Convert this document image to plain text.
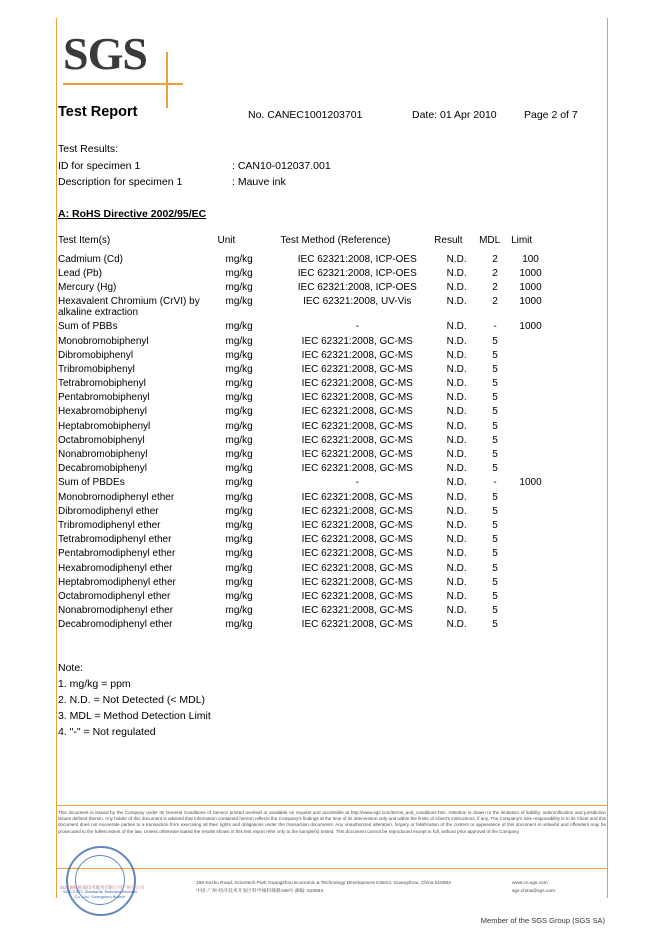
SGS
Test Report	No. CANEC1001203701	Date: 01 Apr 2010	Page 2 of 7
Test Results:
ID for specimen 1	: CAN10-012037.001
Description for specimen 1	: Mauve ink
A: RoHS Directive 2002/95/EC
Test Item(s)	Unit	Test Method (Reference)	Result	MDL	Limit
Cadmium (Cd)	mg/kg	IEC 62321:2008, ICP-OES	N.D.	2	100
Lead (Pb)	mg/kg	IEC 62321:2008, ICP-OES	N.D.	2	1000
Mercury (Hg)	mg/kg	IEC 62321:2008, ICP-OES	N.D.	2	1000
Hexavalent Chromium (CrVI) by alkaline extraction	mg/kg	IEC 62321:2008, UV-Vis	N.D.	2	1000
Sum of PBBs	mg/kg	-	N.D.	-	1000
Monobromobiphenyl	mg/kg	IEC 62321:2008, GC-MS	N.D.	5	
Dibromobiphenyl	mg/kg	IEC 62321:2008, GC-MS	N.D.	5	
Tribromobiphenyl	mg/kg	IEC 62321:2008, GC-MS	N.D.	5	
Tetrabromobiphenyl	mg/kg	IEC 62321:2008, GC-MS	N.D.	5	
Pentabromobiphenyl	mg/kg	IEC 62321:2008, GC-MS	N.D.	5	
Hexabromobiphenyl	mg/kg	IEC 62321:2008, GC-MS	N.D.	5	
Heptabromobiphenyl	mg/kg	IEC 62321:2008, GC-MS	N.D.	5	
Octabromobiphenyl	mg/kg	IEC 62321:2008, GC-MS	N.D.	5	
Nonabromobiphenyl	mg/kg	IEC 62321:2008, GC-MS	N.D.	5	
Decabromobiphenyl	mg/kg	IEC 62321:2008, GC-MS	N.D.	5	
Sum of PBDEs	mg/kg	-	N.D.	-	1000
Monobromodiphenyl ether	mg/kg	IEC 62321:2008, GC-MS	N.D.	5	
Dibromodiphenyl ether	mg/kg	IEC 62321:2008, GC-MS	N.D.	5	
Tribromodiphenyl ether	mg/kg	IEC 62321:2008, GC-MS	N.D.	5	
Tetrabromodiphenyl ether	mg/kg	IEC 62321:2008, GC-MS	N.D.	5	
Pentabromodiphenyl ether	mg/kg	IEC 62321:2008, GC-MS	N.D.	5	
Hexabromodiphenyl ether	mg/kg	IEC 62321:2008, GC-MS	N.D.	5	
Heptabromodiphenyl ether	mg/kg	IEC 62321:2008, GC-MS	N.D.	5	
Octabromodiphenyl ether	mg/kg	IEC 62321:2008, GC-MS	N.D.	5	
Nonabromodiphenyl ether	mg/kg	IEC 62321:2008, GC-MS	N.D.	5	
Decabromodiphenyl ether	mg/kg	IEC 62321:2008, GC-MS	N.D.	5	
Note:
1. mg/kg = ppm
2. N.D. = Not Detected (< MDL)
3. MDL = Method Detection Limit
4. "-" = Not regulated
This document is issued by the Company under its General Conditions of Service printed overleaf or available on request and accessible at http://www.sgs.com/terms_and_conditions.htm. Attention is drawn to the limitation of liability, indemnification and jurisdiction issues defined therein. Any holder of this document is advised that information contained hereon reflects the Company's findings at the time of its intervention only and within the limits of Client's instructions, if any. The Company's sole responsibility is to its Client and this document does not exonerate parties to a transaction from exercising all their rights and obligations under the transaction documents. Any unauthorized alteration, forgery or falsification of the content or appearance of this document is unlawful and offenders may be prosecuted to the fullest extent of the law. Unless otherwise stated the results shown in this test report refer only to the sample(s) tested. This document cannot be reproduced except in full, without prior approval of the Company.
SGS-CSTC Standards Technical Services Co., Ltd. Guangzhou Branch
SGS通标标准技术服务有限公司广州分公司
198 Kezhu Road, Scientech Park Guangzhou Economic & Technology Development District, Guangzhou, China 510663
中国·广州·经济技术开发区科学城科珠路198号 邮编: 510663
www.cn.sgs.com
sgs.china@sgs.com
Member of the SGS Group (SGS SA)
